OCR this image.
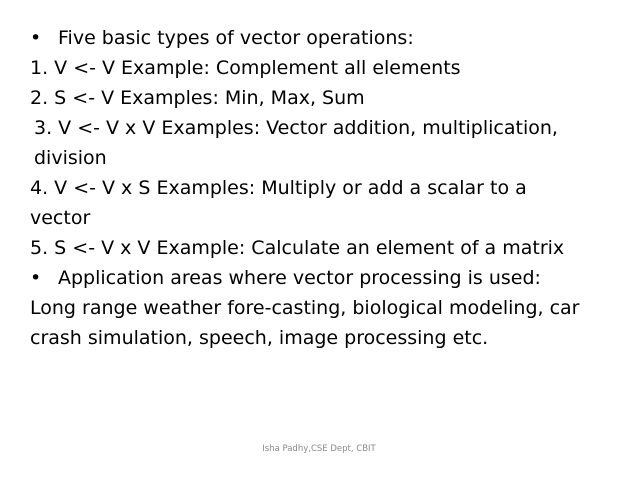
• Five basic types of vector operations:
1. V <- V Example: Complement all elements
2. S <- V Examples: Min, Max, Sum
3. V <- V x V Examples: Vector addition, multiplication,
division
4. V <- V x S Examples: Multiply or add a scalar to a
vector
5. S <- V x V Example: Calculate an element of a matrix
• Application areas where vector processing is used:
Long range weather fore-casting, biological modeling, car
crash simulation, speech, image processing etc.
Isha Padhy,CSE Dept, CBIT
